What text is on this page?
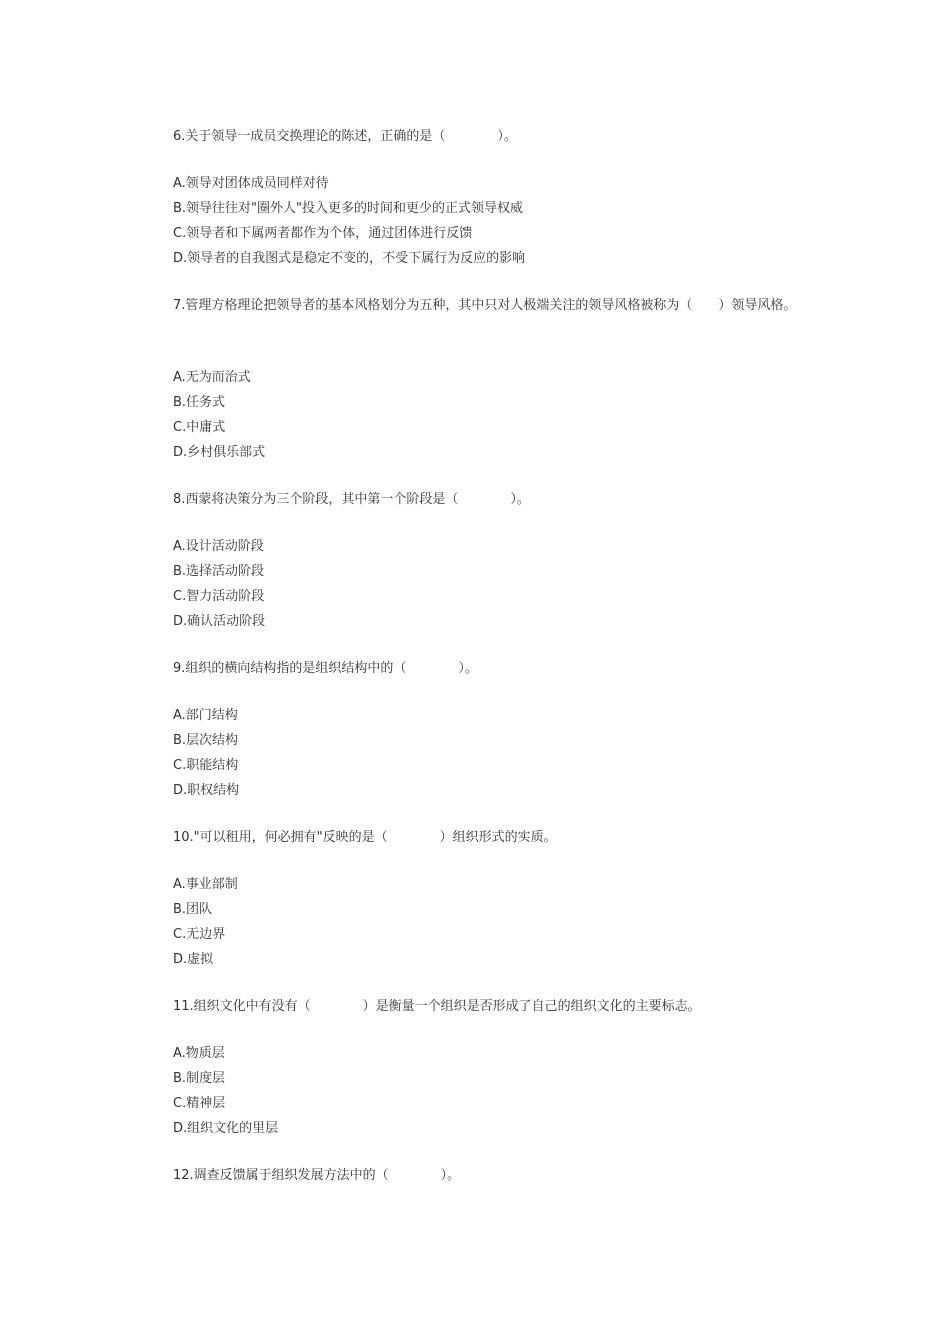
6.关于领导一成员交换理论的陈述，正确的是（　　　　）。

A.领导对团体成员同样对待
B.领导往往对"圈外人"投入更多的时间和更少的正式领导权威
C.领导者和下属两者都作为个体，通过团体进行反馈
D.领导者的自我图式是稳定不变的，不受下属行为反应的影响

7.管理方格理论把领导者的基本风格划分为五种，其中只对人极端关注的领导风格被称为（　　）领导风格。

A.无为而治式
B.任务式
C.中庸式
D.乡村俱乐部式

8.西蒙将决策分为三个阶段，其中第一个阶段是（　　　　）。

A.设计活动阶段
B.选择活动阶段
C.智力活动阶段
D.确认活动阶段

9.组织的横向结构指的是组织结构中的（　　　　）。

A.部门结构
B.层次结构
C.职能结构
D.职权结构

10."可以租用，何必拥有"反映的是（　　　　）组织形式的实质。

A.事业部制
B.团队
C.无边界
D.虚拟

11.组织文化中有没有（　　　　）是衡量一个组织是否形成了自己的组织文化的主要标志。

A.物质层
B.制度层
C.精神层
D.组织文化的里层

12.调查反馈属于组织发展方法中的（　　　　）。
